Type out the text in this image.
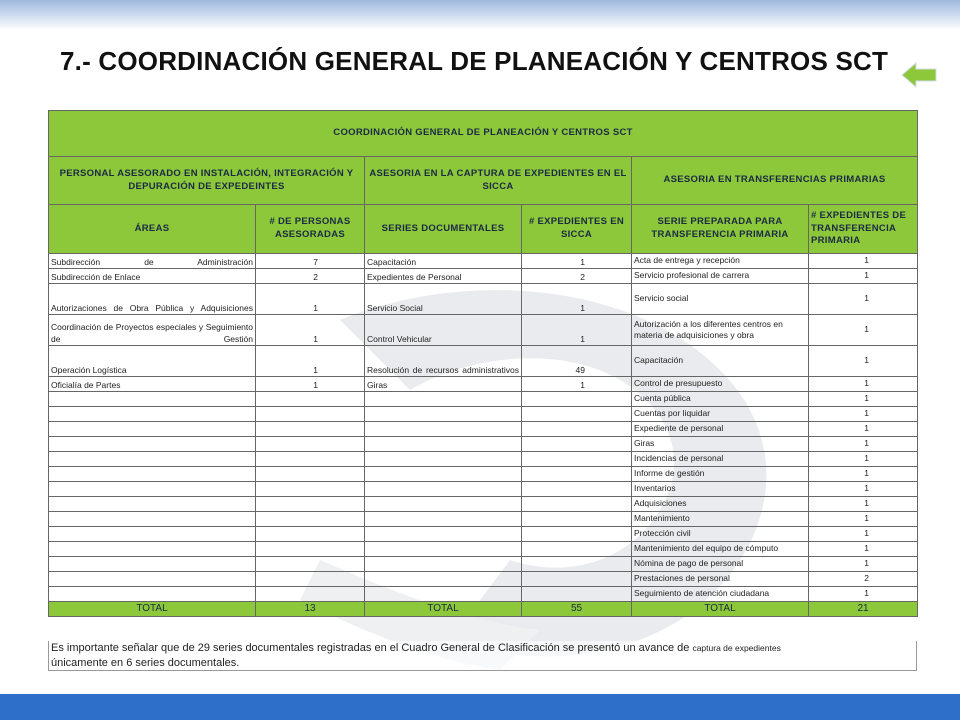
7.- COORDINACIÓN GENERAL DE PLANEACIÓN Y CENTROS SCT
COORDINACIÓN GENERAL DE PLANEACIÓN Y CENTROS SCT					
PERSONAL ASESORADO EN INSTALACIÓN, INTEGRACIÓN Y DEPURACIÓN DE EXPEDEINTES		ASESORIA EN LA CAPTURA DE EXPEDIENTES EN EL SICCA		ASESORIA EN TRANSFERENCIAS PRIMARIAS	
ÁREAS	# DE PERSONAS ASESORADAS	SERIES DOCUMENTALES	# EXPEDIENTES EN SICCA	SERIE PREPARADA PARA TRANSFERENCIA PRIMARIA	# EXPEDIENTES DE TRANSFERENCIA PRIMARIA
Subdirección de Administración	7	Capacitación	1	Acta de entrega y recepción	1
Subdirección de Enlace	2	Expedientes de Personal	2	Servicio profesional de carrera	1
Autorizaciones de Obra Pública y Adquisiciones	1	Servicio Social	1	Servicio social	1
Coordinación de Proyectos especiales y Seguimiento de Gestión	1	Control Vehicular	1	Autorización a los diferentes centros en materia de adquisiciones y obra	1
Operación Logística	1	Resolución de recursos administrativos	49	Capacitación	1
Oficialía de Partes	1	Giras	1	Control de presupuesto	1
				Cuenta pública	1
				Cuentas por liquidar	1
				Expediente de personal	1
				Giras	1
				Incidencias de personal	1
				Informe de gestión	1
				Inventarios	1
				Adquisiciones	1
				Mantenimiento	1
				Protección civil	1
				Mantenimiento del equipo de cómputo	1
				Nómina de pago de personal	1
				Prestaciones de personal	2
				Seguimiento de atención ciudadana	1
TOTAL	13	TOTAL	55	TOTAL	21
Es importante señalar que de 29 series documentales registradas en el Cuadro General de Clasificación se presentó un avance de captura de expedientes
únicamente en 6 series documentales.
